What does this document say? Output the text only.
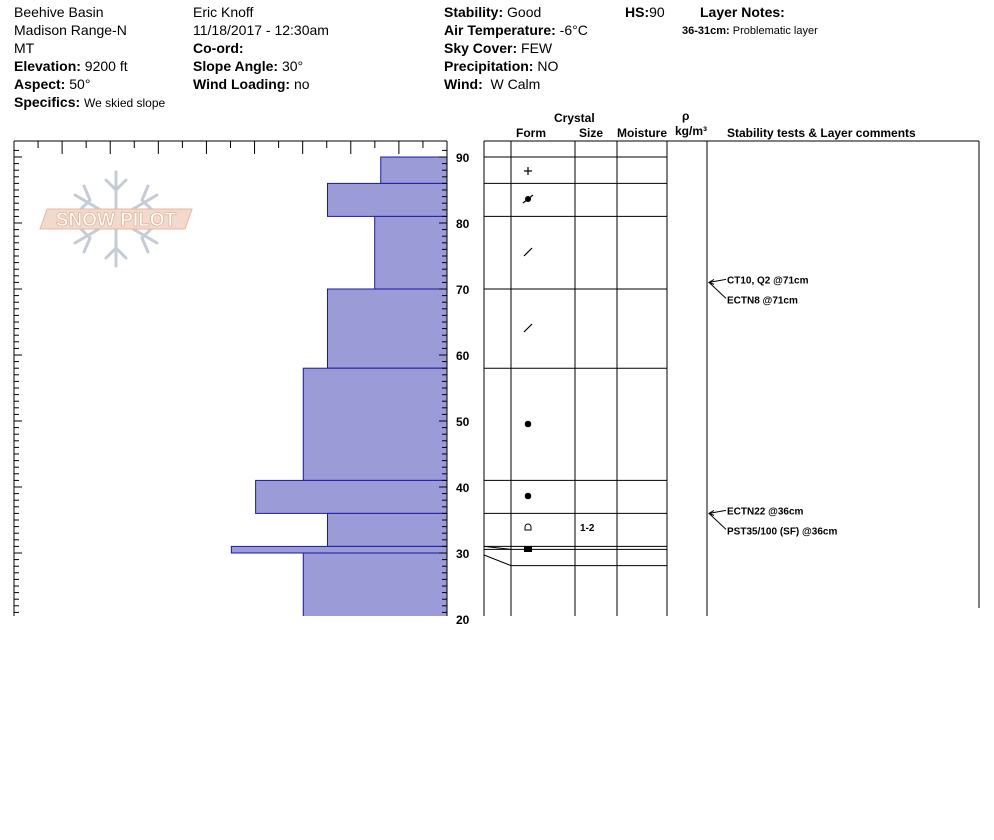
Beehive Basin
Madison Range-N
MT
Elevation: 9200 ft
Aspect: 50°
Specifics: We skied slope
Eric Knoff
11/18/2017 - 12:30am
Co-ord:
Slope Angle: 30°
Wind Loading: no
Stability: Good
Air Temperature: -6°C
Sky Cover: FEW
Precipitation: NO
Wind: W Calm
HS:90	Layer Notes:
36-31cm: Problematic layer
Crystal
Form	Size Moisture
ρ
kg/m³ Stability tests & Layer comments
SNOW PILOT
90
80
70
60
50
40
30
20
1-2
CT10, Q2 @71cm
ECTN8 @71cm
ECTN22 @36cm
PST35/100 (SF) @36cm
